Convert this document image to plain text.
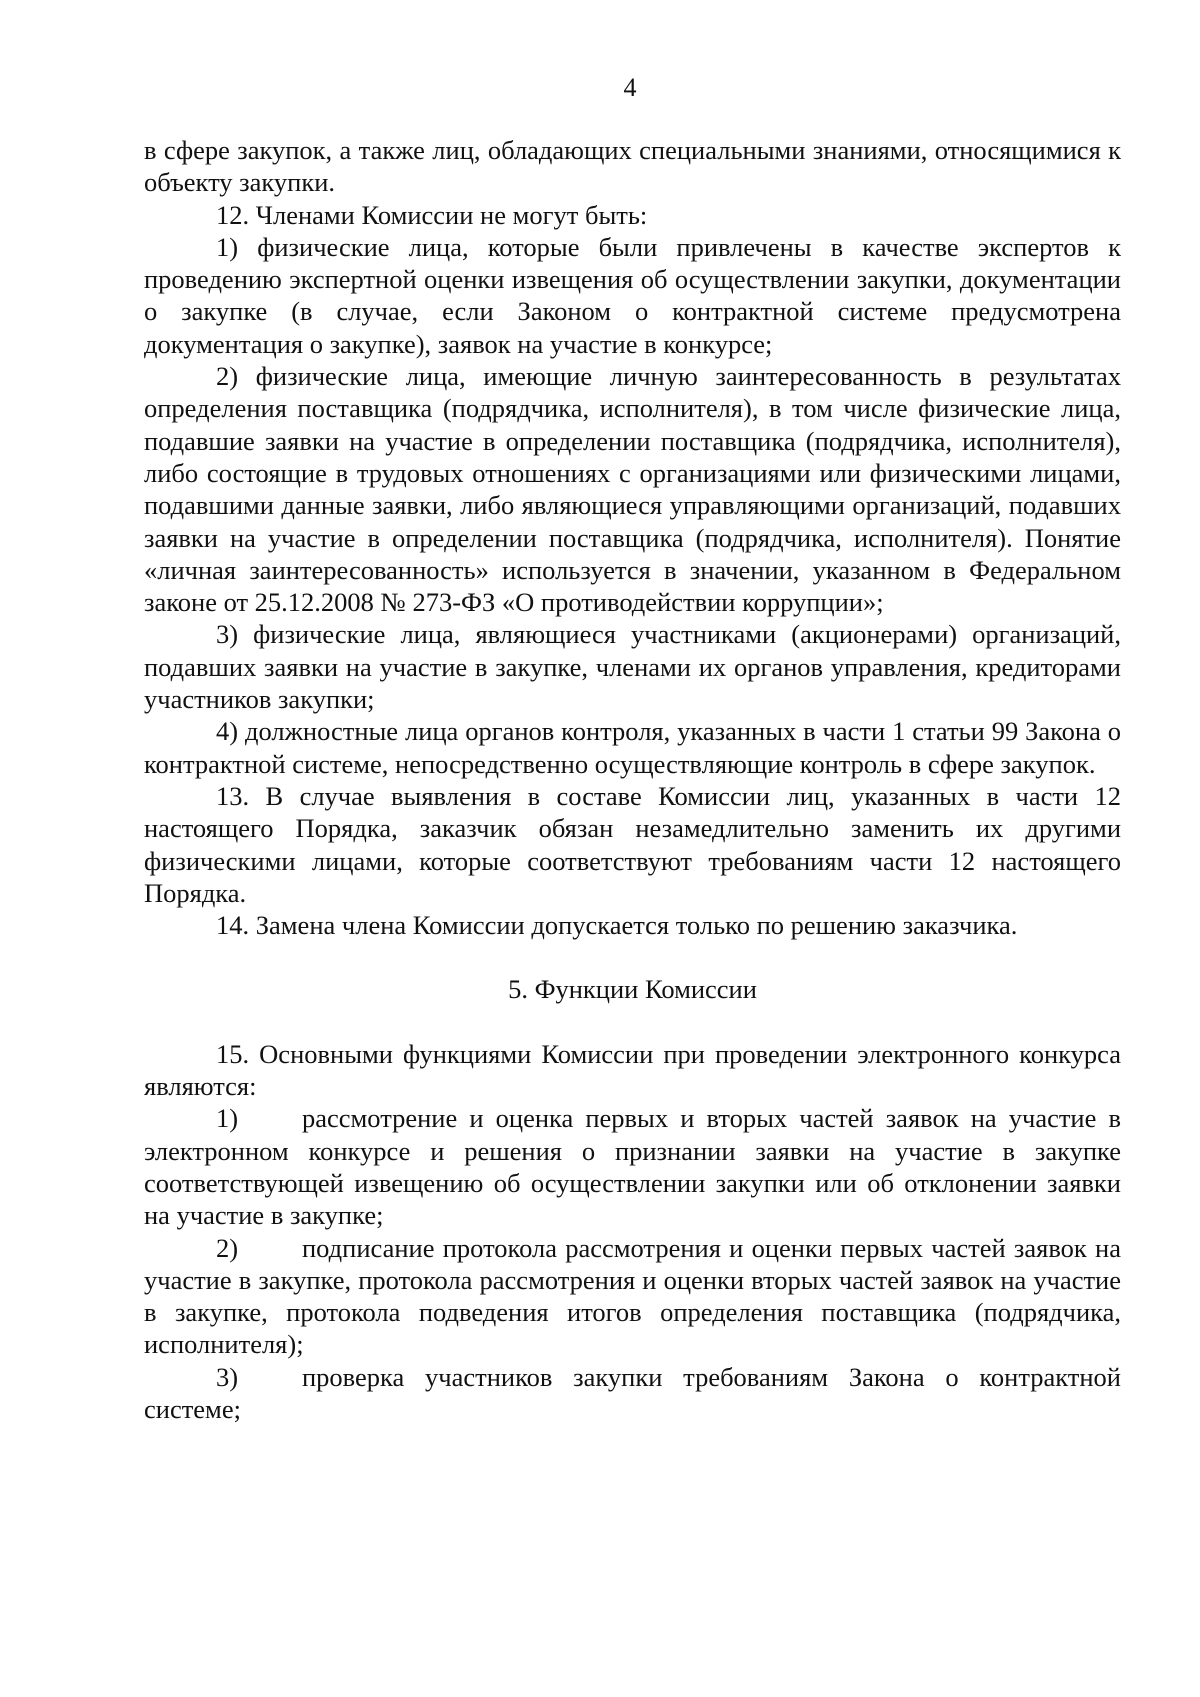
4

в сфере закупок, а также лиц, обладающих специальными знаниями, относящимися к объекту закупки.

12. Членами Комиссии не могут быть:

1) физические лица, которые были привлечены в качестве экспертов к проведению экспертной оценки извещения об осуществлении закупки, документации о закупке (в случае, если Законом о контрактной системе предусмотрена документация о закупке), заявок на участие в конкурсе;

2) физические лица, имеющие личную заинтересованность в результатах определения поставщика (подрядчика, исполнителя), в том числе физические лица, подавшие заявки на участие в определении поставщика (подрядчика, исполнителя), либо состоящие в трудовых отношениях с организациями или физическими лицами, подавшими данные заявки, либо являющиеся управляющими организаций, подавших заявки на участие в определении поставщика (подрядчика, исполнителя). Понятие «личная заинтересованность» используется в значении, указанном в Федеральном законе от 25.12.2008 № 273-ФЗ «О противодействии коррупции»;

3) физические лица, являющиеся участниками (акционерами) организаций, подавших заявки на участие в закупке, членами их органов управления, кредиторами участников закупки;

4) должностные лица органов контроля, указанных в части 1 статьи 99 Закона о контрактной системе, непосредственно осуществляющие контроль в сфере закупок.

13. В случае выявления в составе Комиссии лиц, указанных в части 12 настоящего Порядка, заказчик обязан незамедлительно заменить их другими физическими лицами, которые соответствуют требованиям части 12 настоящего Порядка.

14. Замена члена Комиссии допускается только по решению заказчика.

5. Функции Комиссии

15. Основными функциями Комиссии при проведении электронного конкурса являются:

1) рассмотрение и оценка первых и вторых частей заявок на участие в электронном конкурсе и решения о признании заявки на участие в закупке соответствующей извещению об осуществлении закупки или об отклонении заявки на участие в закупке;

2) подписание протокола рассмотрения и оценки первых частей заявок на участие в закупке, протокола рассмотрения и оценки вторых частей заявок на участие в закупке, протокола подведения итогов определения поставщика (подрядчика, исполнителя);

3) проверка участников закупки требованиям Закона о контрактной системе;
